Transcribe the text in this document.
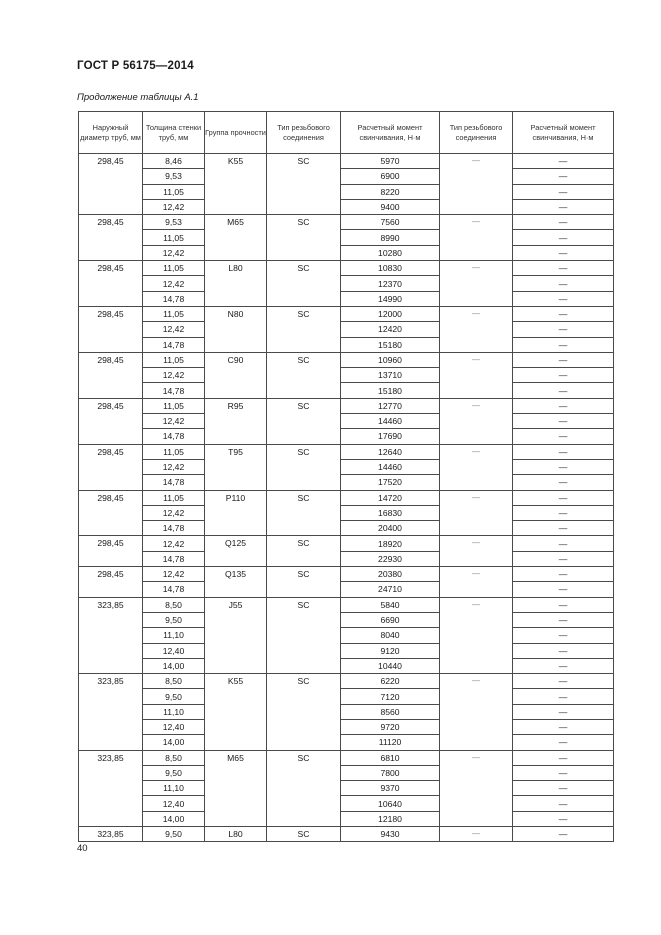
ГОСТ Р 56175—2014
Продолжение таблицы А.1
Наружный диаметр труб, мм	Толщина стенки труб, мм	Группа прочности	Тип резьбового соединения	Расчетный момент свинчивания, Н·м	Тип резьбового соединения	Расчетный момент свинчивания, Н·м
298,45	8,46	K55	SC	5970	—	—
	9,53			6900		—
	11,05			8220		—
	12,42			9400		—
298,45	9,53	M65	SC	7560	—	—
	11,05			8990		—
	12,42			10280		—
298,45	11,05	L80	SC	10830	—	—
	12,42			12370		—
	14,78			14990		—
298,45	11,05	N80	SC	12000	—	—
	12,42			12420		—
	14,78			15180		—
298,45	11,05	C90	SC	10960	—	—
	12,42			13710		—
	14,78			15180		—
298,45	11,05	R95	SC	12770	—	—
	12,42			14460		—
	14,78			17690		—
298,45	11,05	T95	SC	12640	—	—
	12,42			14460		—
	14,78			17520		—
298,45	11,05	P110	SC	14720	—	—
	12,42			16830		—
	14,78			20400		—
298,45	12,42	Q125	SC	18920	—	—
	14,78			22930		—
298,45	12,42	Q135	SC	20380	—	—
	14,78			24710		—
323,85	8,50	J55	SC	5840	—	—
	9,50			6690		—
	11,10			8040		—
	12,40			9120		—
	14,00			10440		—
323,85	8,50	K55	SC	6220	—	—
	9,50			7120		—
	11,10			8560		—
	12,40			9720		—
	14,00			11120		—
323,85	8,50	M65	SC	6810	—	—
	9,50			7800		—
	11,10			9370		—
	12,40			10640		—
	14,00			12180		—
323,85	9,50	L80	SC	9430	—	—
40
